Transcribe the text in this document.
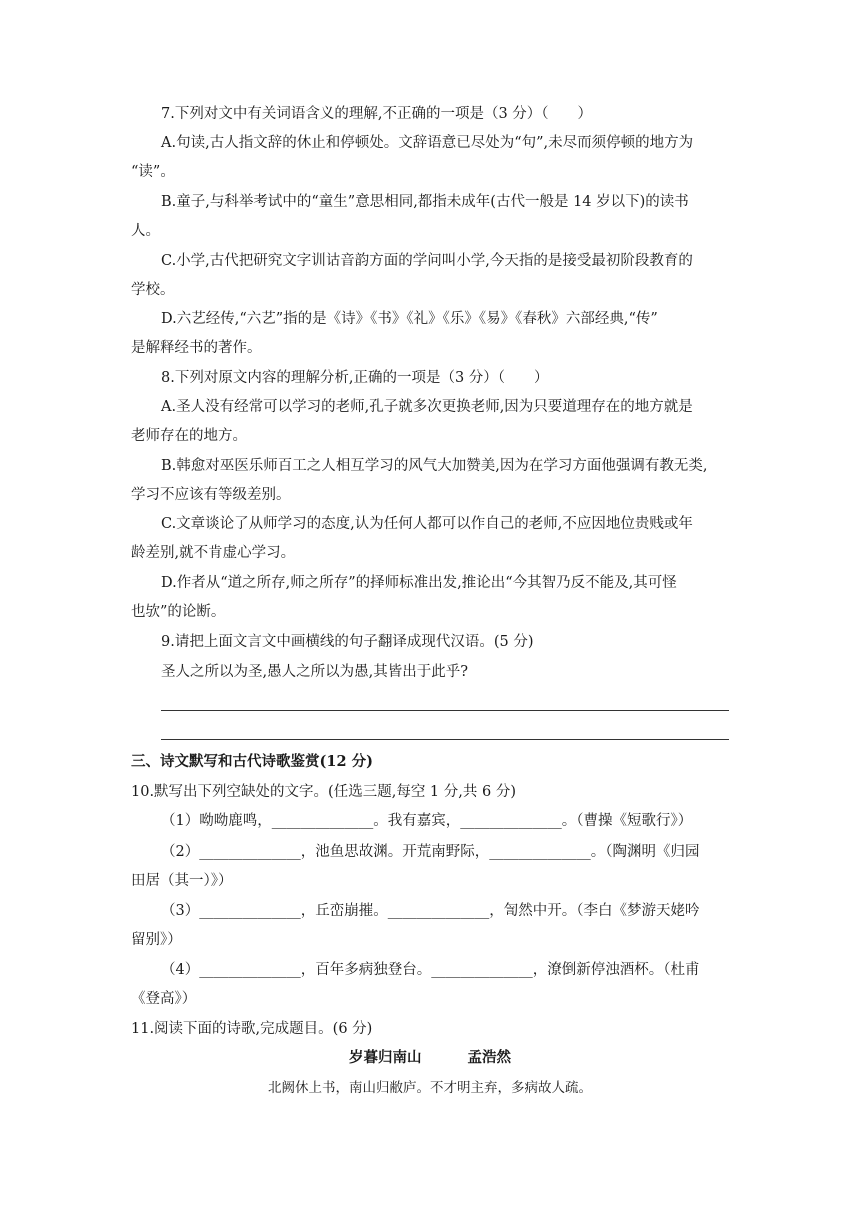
7.下列对文中有关词语含义的理解,不正确的一项是（3 分）（　　）
A.句读,古人指文辞的休止和停顿处。文辞语意已尽处为“句”,未尽而须停顿的地方为
“读”。
B.童子,与科举考试中的“童生”意思相同,都指未成年(古代一般是 14 岁以下)的读书
人。
C.小学,古代把研究文字训诂音韵方面的学问叫小学,今天指的是接受最初阶段教育的
学校。
D.六艺经传,“六艺”指的是《诗》《书》《礼》《乐》《易》《春秋》六部经典,“传”
是解释经书的著作。
8.下列对原文内容的理解分析,正确的一项是（3 分）（　　）
A.圣人没有经常可以学习的老师,孔子就多次更换老师,因为只要道理存在的地方就是
老师存在的地方。
B.韩愈对巫医乐师百工之人相互学习的风气大加赞美,因为在学习方面他强调有教无类,
学习不应该有等级差别。
C.文章谈论了从师学习的态度,认为任何人都可以作自己的老师,不应因地位贵贱或年
龄差别,就不肯虚心学习。
D.作者从“道之所存,师之所存”的择师标准出发,推论出“今其智乃反不能及,其可怪
也欤”的论断。
9.请把上面文言文中画横线的句子翻译成现代汉语。(5 分)
圣人之所以为圣,愚人之所以为愚,其皆出于此乎?
三、诗文默写和古代诗歌鉴赏(12 分)
10.默写出下列空缺处的文字。(任选三题,每空 1 分,共 6 分)
（1）呦呦鹿鸣，______________。我有嘉宾，______________。（曹操《短歌行》）
（2）______________，池鱼思故渊。开荒南野际，______________。（陶渊明《归园
田居（其一）》）
（3）______________，丘峦崩摧。______________，訇然中开。（李白《梦游天姥吟
留别》）
（4）______________，百年多病独登台。______________，潦倒新停浊酒杯。（杜甫
《登高》）
11.阅读下面的诗歌,完成题目。(6 分)
岁暮归南山	孟浩然
北阙休上书，南山归敝庐。不才明主弃，多病故人疏。
